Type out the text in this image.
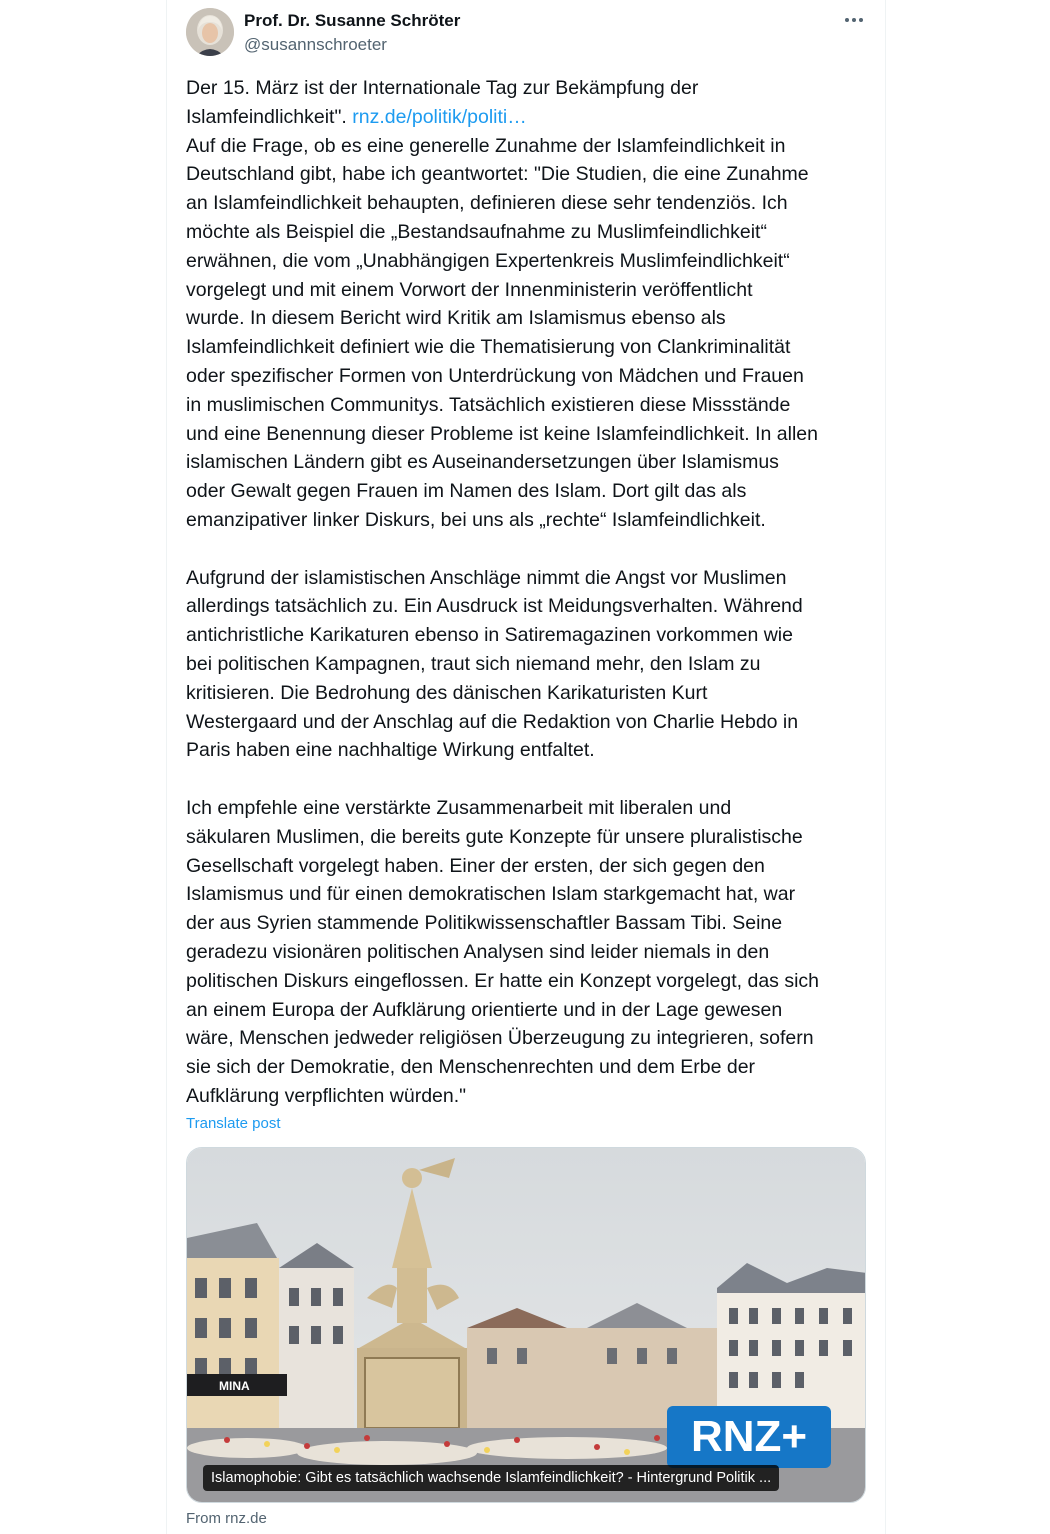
Prof. Dr. Susanne Schröter
@susannschroeter

Der 15. März ist der Internationale Tag zur Bekämpfung der

Islamfeindlichkeit". rnz.de/politik/politi…

Auf die Frage, ob es eine generelle Zunahme der Islamfeindlichkeit in

Deutschland gibt, habe ich geantwortet: "Die Studien, die eine Zunahme

an Islamfeindlichkeit behaupten, definieren diese sehr tendenziös. Ich

möchte als Beispiel die „Bestandsaufnahme zu Muslimfeindlichkeit“

erwähnen, die vom „Unabhängigen Expertenkreis Muslimfeindlichkeit“

vorgelegt und mit einem Vorwort der Innenministerin veröffentlicht

wurde. In diesem Bericht wird Kritik am Islamismus ebenso als

Islamfeindlichkeit definiert wie die Thematisierung von Clankriminalität

oder spezifischer Formen von Unterdrückung von Mädchen und Frauen

in muslimischen Communitys. Tatsächlich existieren diese Missstände

und eine Benennung dieser Probleme ist keine Islamfeindlichkeit. In allen

islamischen Ländern gibt es Auseinandersetzungen über Islamismus

oder Gewalt gegen Frauen im Namen des Islam. Dort gilt das als

emanzipativer linker Diskurs, bei uns als „rechte“ Islamfeindlichkeit.

Aufgrund der islamistischen Anschläge nimmt die Angst vor Muslimen

allerdings tatsächlich zu. Ein Ausdruck ist Meidungsverhalten. Während

antichristliche Karikaturen ebenso in Satiremagazinen vorkommen wie

bei politischen Kampagnen, traut sich niemand mehr, den Islam zu

kritisieren. Die Bedrohung des dänischen Karikaturisten Kurt

Westergaard und der Anschlag auf die Redaktion von Charlie Hebdo in

Paris haben eine nachhaltige Wirkung entfaltet.

Ich empfehle eine verstärkte Zusammenarbeit mit liberalen und

säkularen Muslimen, die bereits gute Konzepte für unsere pluralistische

Gesellschaft vorgelegt haben. Einer der ersten, der sich gegen den

Islamismus und für einen demokratischen Islam starkgemacht hat, war

der aus Syrien stammende Politikwissenschaftler Bassam Tibi. Seine

geradezu visionären politischen Analysen sind leider niemals in den

politischen Diskurs eingeflossen. Er hatte ein Konzept vorgelegt, das sich

an einem Europa der Aufklärung orientierte und in der Lage gewesen

wäre, Menschen jedweder religiösen Überzeugung zu integrieren, sofern

sie sich der Demokratie, den Menschenrechten und dem Erbe der

Aufklärung verpflichten würden."

Translate post
MINA
RNZ+
Islamophobie: Gibt es tatsächlich wachsende Islamfeindlichkeit? - Hintergrund Politik ...
From rnz.de
